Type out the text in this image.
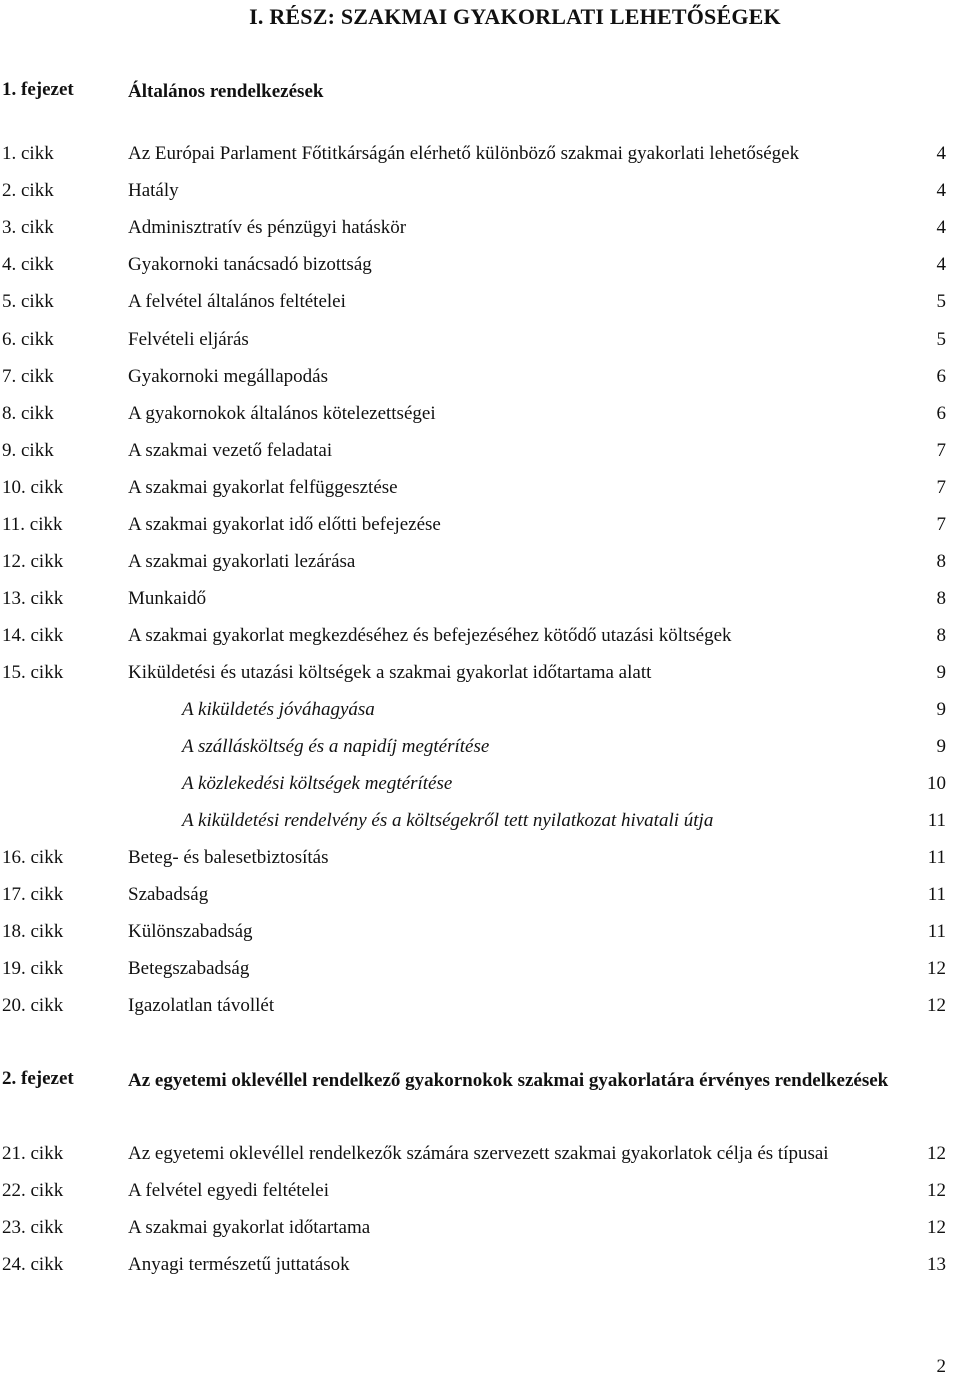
I. RÉSZ: SZAKMAI GYAKORLATI LEHETŐSÉGEK
1. fejezet	Általános rendelkezések
1. cikk	Az Európai Parlament Főtitkárságán elérhető különböző szakmai gyakorlati lehetőségek	4
2. cikk	Hatály	4
3. cikk	Adminisztratív és pénzügyi hatáskör	4
4. cikk	Gyakornoki tanácsadó bizottság	4
5. cikk	A felvétel általános feltételei	5
6. cikk	Felvételi eljárás	5
7. cikk	Gyakornoki megállapodás	6
8. cikk	A gyakornokok általános kötelezettségei	6
9. cikk	A szakmai vezető feladatai	7
10. cikk	A szakmai gyakorlat felfüggesztése	7
11. cikk	A szakmai gyakorlat idő előtti befejezése	7
12. cikk	A szakmai gyakorlati lezárása	8
13. cikk	Munkaidő	8
14. cikk	A szakmai gyakorlat megkezdéséhez és befejezéséhez kötődő utazási költségek	8
15. cikk	Kiküldetési és utazási költségek a szakmai gyakorlat időtartama alatt	9
A kiküldetés jóváhagyása	9
A szállásköltség és a napidíj megtérítése	9
A közlekedési költségek megtérítése	10
A kiküldetési rendelvény és a költségekről tett nyilatkozat hivatali útja	11
16. cikk	Beteg- és balesetbiztosítás	11
17. cikk	Szabadság	11
18. cikk	Különszabadság	11
19. cikk	Betegszabadság	12
20. cikk	Igazolatlan távollét	12
2. fejezet	Az egyetemi oklevéllel rendelkező gyakornokok szakmai gyakorlatára érvényes rendelkezések
21. cikk	Az egyetemi oklevéllel rendelkezők számára szervezett szakmai gyakorlatok célja és típusai	12
22. cikk	A felvétel egyedi feltételei	12
23. cikk	A szakmai gyakorlat időtartama	12
24. cikk	Anyagi természetű juttatások	13
2
